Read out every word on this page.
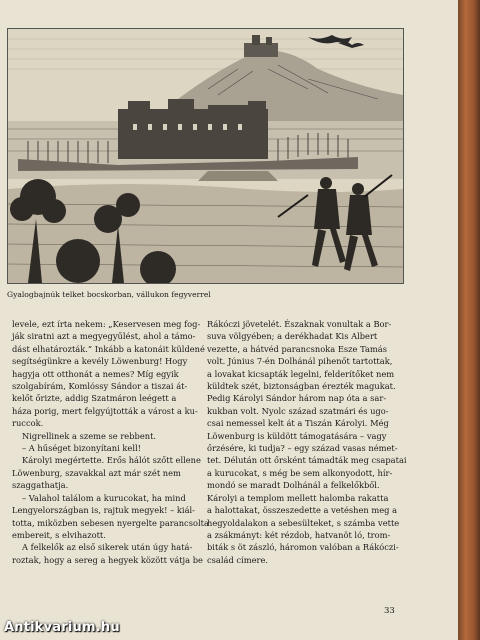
Gyalogbajnúk telket bocskorban, vállukon fegyverrel

levele, ezt írta nekem: „Keservesen meg fog-

ják siratni azt a megyegyűlést, ahol a támo-

dást elhatározták.” Inkább a katonáit küldené

segítségünkre a kevély Löwenburg! Hogy

hagyja ott otthonát a nemes? Míg egyik

szolgabírám, Komlóssy Sándor a tiszai át-

kelőt őrizte, addig Szatmáron leégett a

háza porig, mert felgyújtották a várost a ku-

ruccok.

Nigrellinek a szeme se rebbent.

– A hűséget bizonyítani kell!

Károlyi megértette. Erős hálót szőtt ellene

Löwenburg, szavakkal azt már szét nem

szaggathatja.

– Valahol találom a kurucokat, ha mind

Lengyelországban is, rajtuk megyek! – kiál-

totta, miközben sebesen nyergelte parancsolta

embereit, s elvihazott.

A felkelők az első sikerek után úgy hatá-

roztak, hogy a sereg a hegyek között vátja be

Rákóczi jövetelét. Északnak vonultak a Bor-

suva völgyében; a derékhadat Kis Albert

vezette, a hátvéd parancsnoka Esze Tamás

volt. Június 7-én Dolhánál pihenőt tartottak,

a lovakat kicsapták legelni, felderítőket nem

küldtek szét, biztonságban érezték magukat.

Pedig Károlyi Sándor három nap óta a sar-

kukban volt. Nyolc század szatmári és ugo-

csai nemessel kelt át a Tiszán Károlyi. Még

Löwenburg is küldött támogatására – vagy

őrzésére, ki tudja? – egy század vasas német-

tet. Délután ott őrsként támadták meg csapatai

a kurucokat, s még be sem alkonyodott, hír-

mondó se maradt Dolhánál a felkelőkből.

Károlyi a templom mellett halomba rakatta

a halottakat, összeszedette a vetéshen meg a

hegyoldalakon a sebesülteket, s számba vette

a zsákmányt: két rézdob, hatvanöt ló, trom-

biták s öt zászló, háromon valóban a Rákóczi-

család címere.

33
Antikvarium.hu
